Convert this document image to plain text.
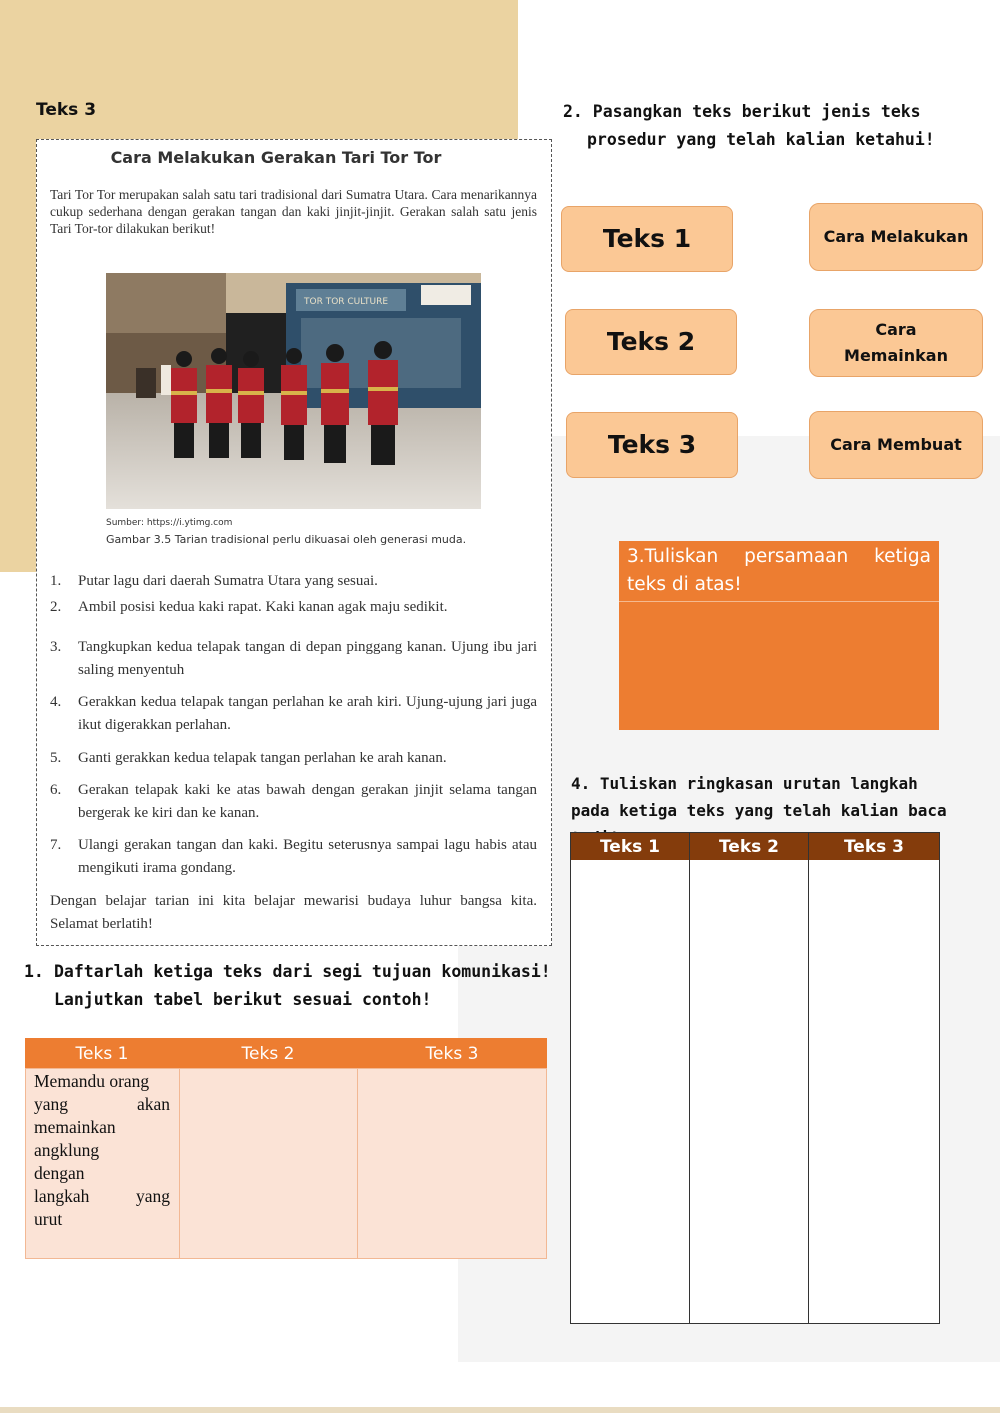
Teks 3
Cara Melakukan Gerakan Tari Tor Tor
Tari Tor Tor merupakan salah satu tari tradisional dari Sumatra Utara. Cara menarikannya cukup sederhana dengan gerakan tangan dan kaki jinjit-jinjit. Gerakan salah satu jenis Tari Tor-tor dilakukan berikut!
TOR TOR CULTURE
Sumber: https://i.ytimg.com
Gambar 3.5 Tarian tradisional perlu dikuasai oleh generasi muda.
1. Putar lagu dari daerah Sumatra Utara yang sesuai.
2. Ambil posisi kedua kaki rapat. Kaki kanan agak maju sedikit.
3. Tangkupkan kedua telapak tangan di depan pinggang kanan. Ujung ibu jari saling menyentuh
4. Gerakkan kedua telapak tangan perlahan ke arah kiri. Ujung-ujung jari juga ikut digerakkan perlahan.
5. Ganti gerakkan kedua telapak tangan perlahan ke arah kanan.
6. Gerakan telapak kaki ke atas bawah dengan gerakan jinjit selama tangan bergerak ke kiri dan ke kanan.
7. Ulangi gerakan tangan dan kaki. Begitu seterusnya sampai lagu habis atau mengikuti irama gondang.
Dengan belajar tarian ini kita belajar mewarisi budaya luhur bangsa kita. Selamat berlatih!
1. Daftarlah ketiga teks dari segi tujuan komunikasi! Lanjutkan tabel berikut sesuai contoh!
Teks 1	Teks 2	Teks 3
Memandu orang
yang akan
memainkan
angklung
dengan
langkah yang
urut
2. Pasangkan teks berikut jenis teks prosedur yang telah kalian ketahui!
Teks 1
Teks 2
Teks 3
Cara Melakukan
Cara Memainkan
Cara Membuat
3.Tuliskan persamaan ketiga
teks di atas!
4. Tuliskan ringkasan urutan langkah pada ketiga teks yang telah kalian baca
Teks 1	Teks 2	Teks 3
